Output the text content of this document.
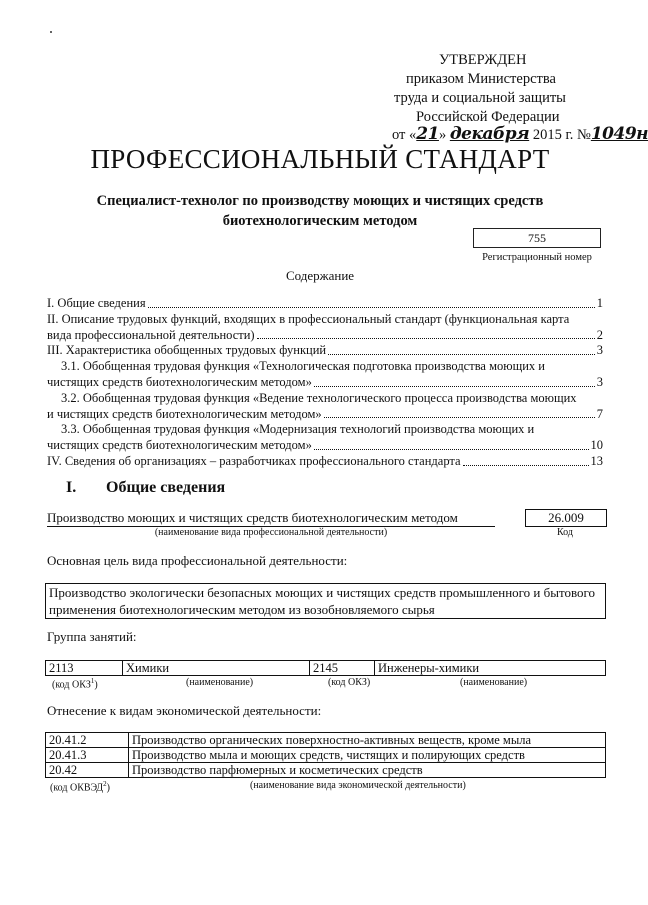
УТВЕРЖДЕН
приказом Министерства
труда и социальной защиты
Российской Федерации
от «21» декабря 2015 г. №1049н
ПРОФЕССИОНАЛЬНЫЙ СТАНДАРТ
Специалист-технолог по производству моющих и чистящих средств биотехнологическим методом
755
Регистрационный номер
Содержание
I. Общие сведения	1
II. Описание трудовых функций, входящих в профессиональный стандарт (функциональная карта
вида профессиональной деятельности)	2
III. Характеристика обобщенных трудовых функций	3
3.1. Обобщенная трудовая функция «Технологическая подготовка производства моющих и
чистящих средств биотехнологическим методом»	3
3.2. Обобщенная трудовая функция «Ведение технологического процесса производства моющих
и чистящих средств биотехнологическим методом»	7
3.3. Обобщенная трудовая функция «Модернизация технологий производства моющих и
чистящих средств биотехнологическим методом»	10
IV. Сведения об организациях – разработчиках профессионального стандарта	13
I. Общие сведения
Производство моющих и чистящих средств биотехнологическим методом
(наименование вида профессиональной деятельности)
26.009
Код
Основная цель вида профессиональной деятельности:
Производство экологически безопасных моющих и чистящих средств промышленного и бытового применения биотехнологическим методом из возобновляемого сырья
Группа занятий:
2113	Химики	2145	Инженеры-химики
(код ОКЗ$^1$)	(наименование)	(код ОКЗ)	(наименование)
Отнесение к видам экономической деятельности:
20.41.2	Производство органических поверхностно-активных веществ, кроме мыла
20.41.3	Производство мыла и моющих средств, чистящих и полирующих средств
20.42	Производство парфюмерных и косметических средств
(код ОКВЭД$^2$)	(наименование вида экономической деятельности)
